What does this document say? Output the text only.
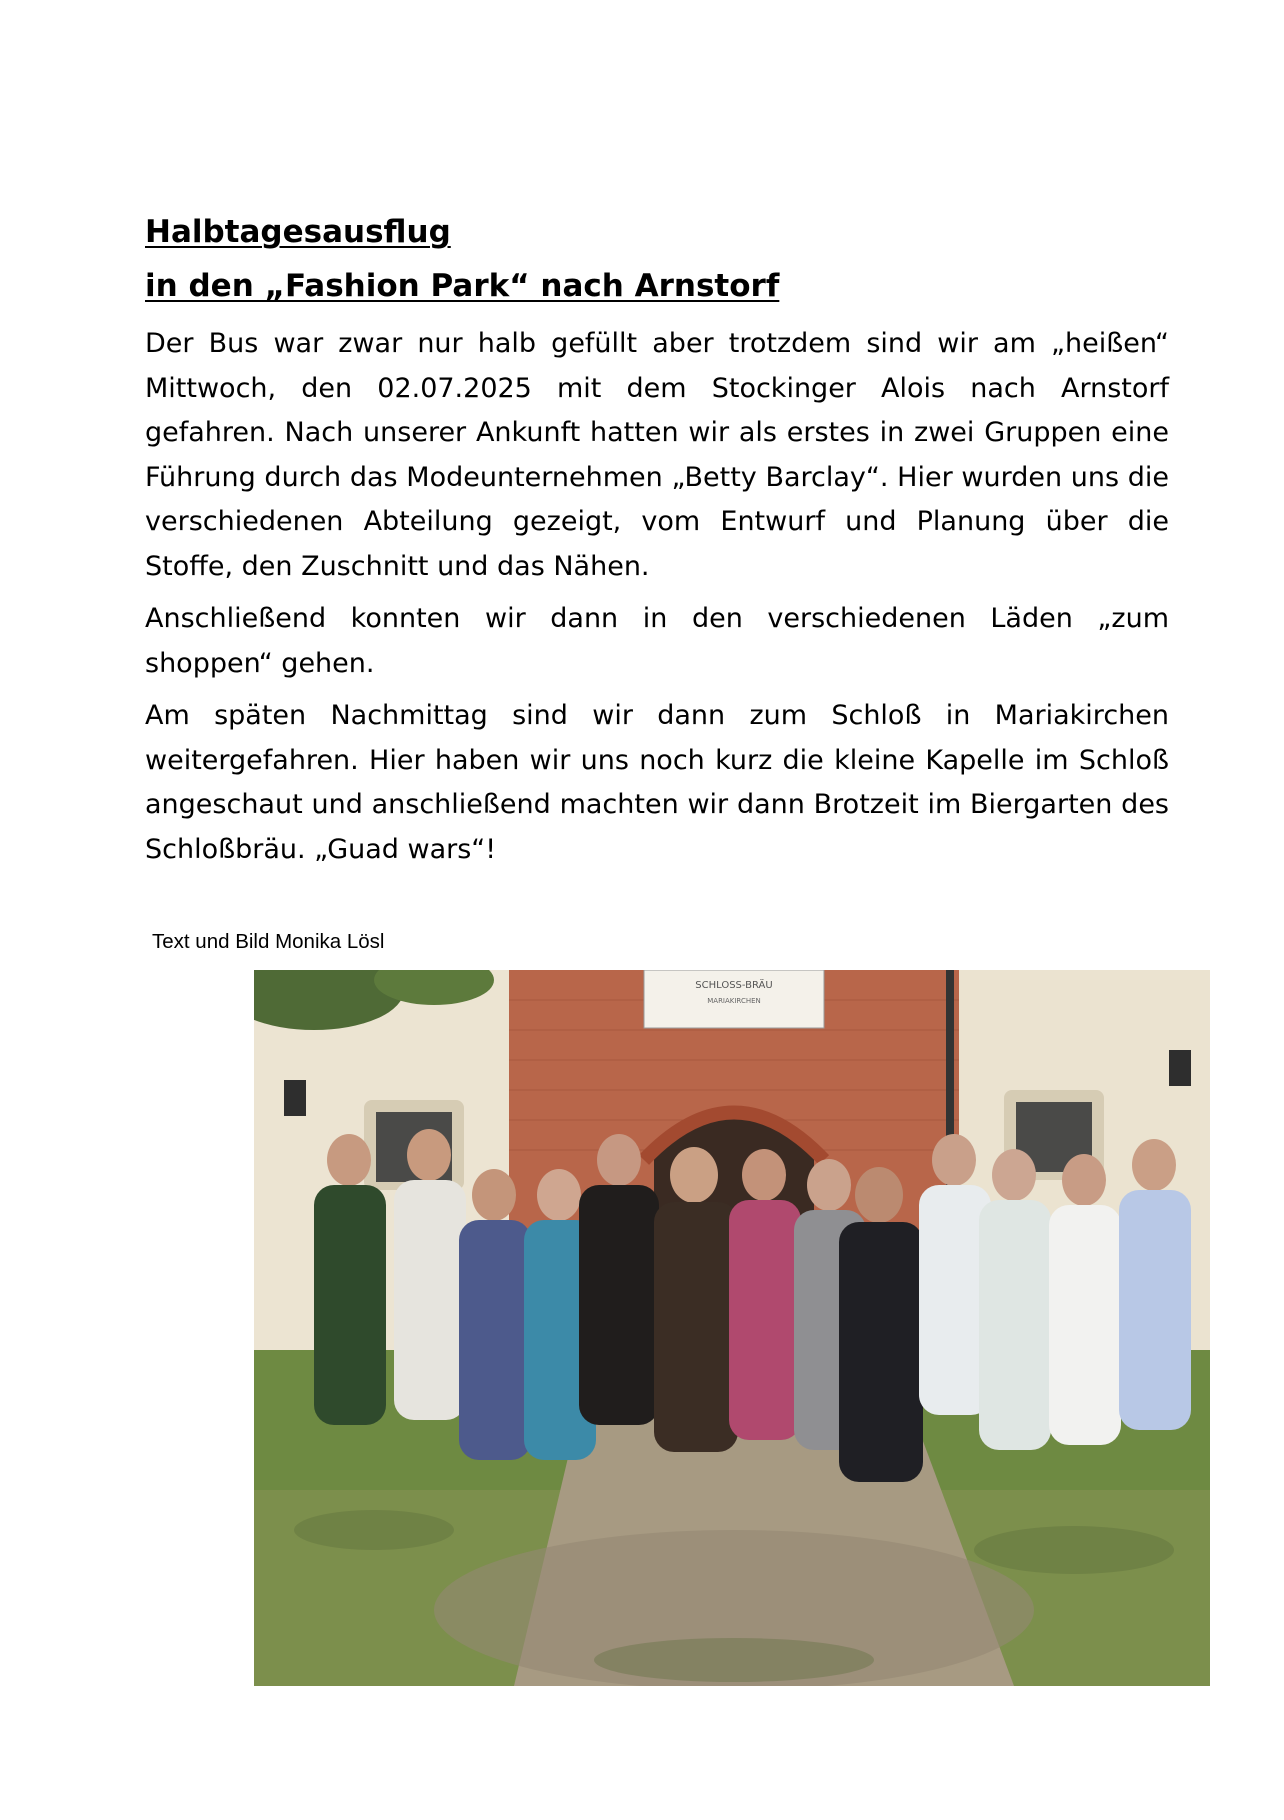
Halbtagesausflug
in den „Fashion Park“ nach Arnstorf

Der Bus war zwar nur halb gefüllt aber trotzdem sind wir am „heißen“ Mittwoch, den 02.07.2025 mit dem Stockinger Alois nach Arnstorf gefahren. Nach unserer Ankunft hatten wir als erstes in zwei Gruppen eine Führung durch das Modeunternehmen „Betty Barclay“. Hier wurden uns die verschiedenen Abteilung gezeigt, vom Entwurf und Planung über die Stoffe, den Zuschnitt und das Nähen.

Anschließend konnten wir dann in den verschiedenen Läden „zum shoppen“ gehen.

Am späten Nachmittag sind wir dann zum Schloß in Mariakirchen weitergefahren. Hier haben wir uns noch kurz die kleine Kapelle im Schloß angeschaut und anschließend machten wir dann Brotzeit im Biergarten des Schloßbräu. „Guad wars“!

Text und Bild Monika Lösl

SCHLOSS-BRÄU
MARIAKIRCHEN
